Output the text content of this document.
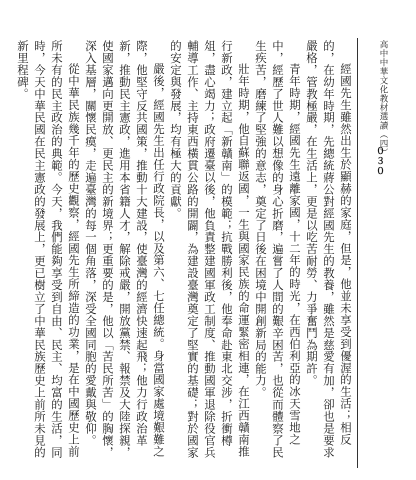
高中中華文化教材選讀（四）
０３０

經國先生雖然出生於顯赫的家庭，但是，他並未享受到優渥的生活；相反的，在幼年時期，先總統蔣公對經國先生的教養，雖然是慈愛有加，卻也是要求嚴格，管教極嚴，在生活上，更是以吃苦耐勞、力爭奮鬥為期許。

青年時期，經國先生遠離家國，十二年的時光，在西伯利亞的冰天雪地之中，經歷了世人難以想像的身心折磨，遍嘗了人間的艱辛困苦，也從而體察了民生疾苦，磨練了堅強的意志，奠定了日後在困境中開創新局的能力。

壯年時期，他自蘇聯返國，一生與國家民族的命運緊密相連，在江西贛南推行新政，建立起「新贛南」的模範；抗戰勝利後，他奉命赴東北交涉，折衝樽俎，盡心竭力；政府遷臺以後，他負責整建國軍政工制度、推動國軍退除役官兵輔導工作、主持東西橫貫公路的開闢，為建設臺灣奠定了堅實的基礎；對於國家的安定與發展，均有極大的貢獻。

嚴後，經國先生出任行政院長，以及第六、七任總統。身當國家處境艱難之際，他堅守反共國策，推動十大建設，使臺灣的經濟快速起飛；他力行政治革新，推動民主憲政，進用本省籍人才，解除戒嚴，開放黨禁、報禁及大陸探親，使國家邁向更開放、更民主的新境界；更重要的是，他以「苦民所苦」的胸懷，深入基層，關懷民瘼，走遍臺灣的每一個角落，深受全國同胞的愛戴與敬仰。

從中華民族幾千年的歷史觀察，經國先生所締造的功業，是在中國歷史上前所未有的民主政治的典範。今天，我們能夠享受到自由、民主、均富的生活，同時，今天中華民國在民主憲政的發展上，更已樹立了中華民族歷史上前所未見的新里程碑。
